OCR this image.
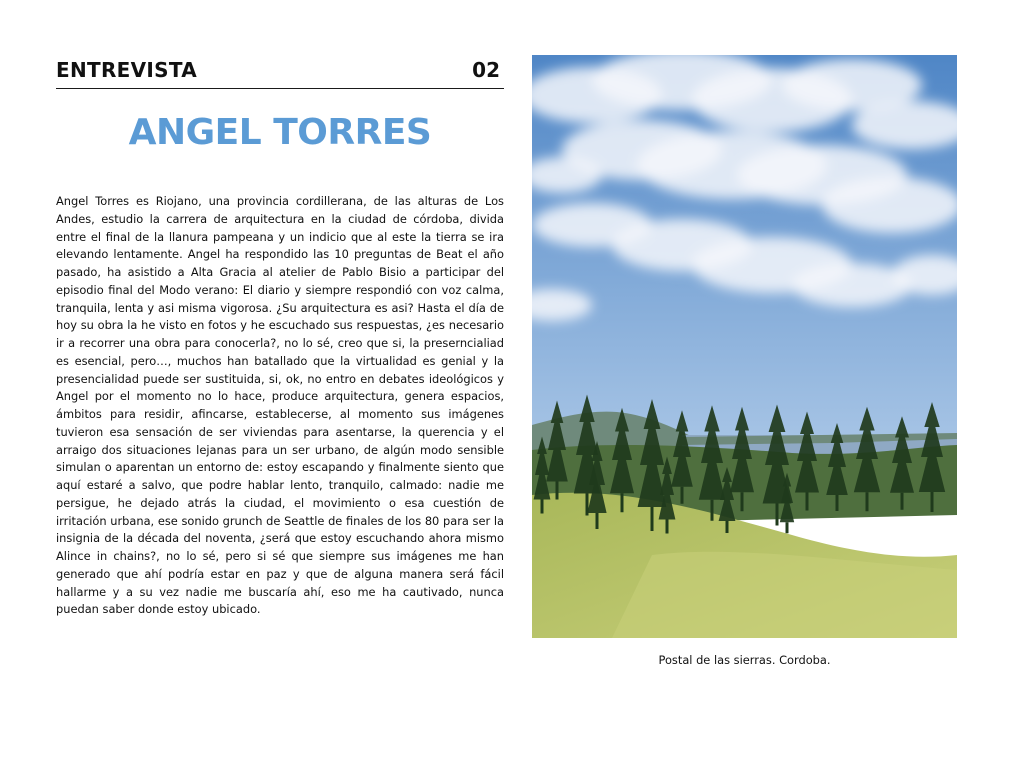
ENTREVISTA	02
ANGEL TORRES

Angel Torres es Riojano, una provincia cordillerana, de las alturas de Los Andes, estudio la carrera de arquitectura en la ciudad de córdoba, divida entre el final de la llanura pampeana y un indicio que al este la tierra se ira elevando lentamente. Angel ha respondido las 10 preguntas de Beat el año pasado, ha asistido a Alta Gracia al atelier de Pablo Bisio a participar del episodio final del Modo verano: El diario y siempre respondió con voz calma, tranquila, lenta y asi misma vigorosa. ¿Su arquitectura es asi? Hasta el día de hoy su obra la he visto en fotos y he escuchado sus respuestas, ¿es necesario ir a recorrer una obra para conocerla?, no lo sé, creo que si, la preserncialiad es esencial, pero…, muchos han batallado que la virtualidad es genial y la presencialidad puede ser sustituida, si, ok, no entro en debates ideológicos y Angel por el momento no lo hace, produce arquitectura, genera espacios, ámbitos para residir, afincarse, establecerse, al momento sus imágenes tuvieron esa sensación de ser viviendas para asentarse, la querencia y el arraigo dos situaciones lejanas para un ser urbano, de algún modo sensible simulan o aparentan un entorno de: estoy escapando y finalmente siento que aquí estaré a salvo, que podre hablar lento, tranquilo, calmado: nadie me persigue, he dejado atrás la ciudad, el movimiento o esa cuestión de irritación urbana, ese sonido grunch de Seattle de finales de los 80 para ser la insignia de la década del noventa, ¿será que estoy escuchando ahora mismo Alince in chains?, no lo sé, pero si sé que siempre sus imágenes me han generado que ahí podría estar en paz y que de alguna manera será fácil hallarme y a su vez nadie me buscaría ahí, eso me ha cautivado, nunca puedan saber donde estoy ubicado.

Postal de las sierras. Cordoba.
